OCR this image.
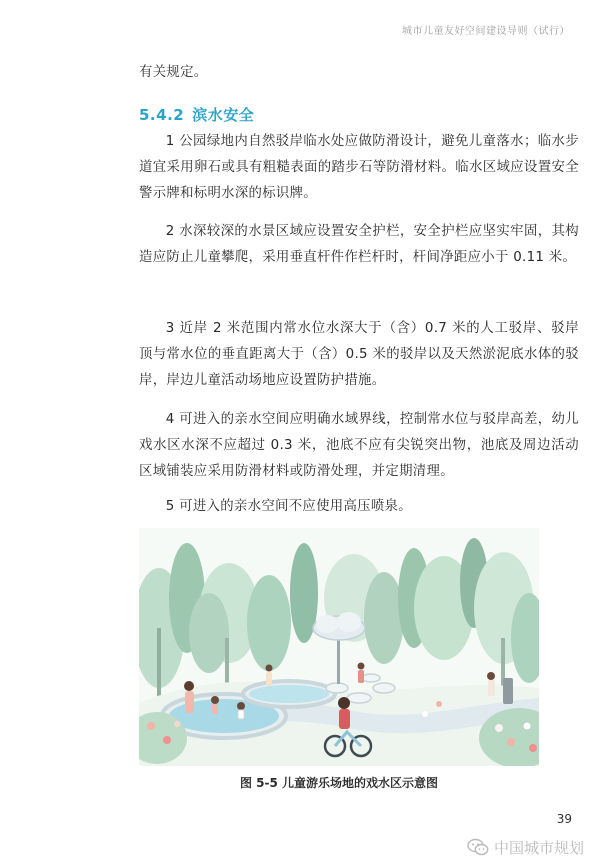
城市儿童友好空间建设导则（试行）

有关规定。

5.4.2 滨水安全

1 公园绿地内自然驳岸临水处应做防滑设计，避免儿童落水；临水步道宜采用卵石或具有粗糙表面的踏步石等防滑材料。临水区域应设置安全警示牌和标明水深的标识牌。

2 水深较深的水景区域应设置安全护栏，安全护栏应坚实牢固，其构造应防止儿童攀爬，采用垂直杆件作栏杆时，杆间净距应小于 0.11 米。

3 近岸 2 米范围内常水位水深大于（含）0.7 米的人工驳岸、驳岸顶与常水位的垂直距离大于（含）0.5 米的驳岸以及天然淤泥底水体的驳岸，岸边儿童活动场地应设置防护措施。

4 可进入的亲水空间应明确水域界线，控制常水位与驳岸高差，幼儿戏水区水深不应超过 0.3 米，池底不应有尖锐突出物，池底及周边活动区域铺装应采用防滑材料或防滑处理，并定期清理。

5 可进入的亲水空间不应使用高压喷泉。

图 5-5 儿童游乐场地的戏水区示意图

39
中国城市规划
